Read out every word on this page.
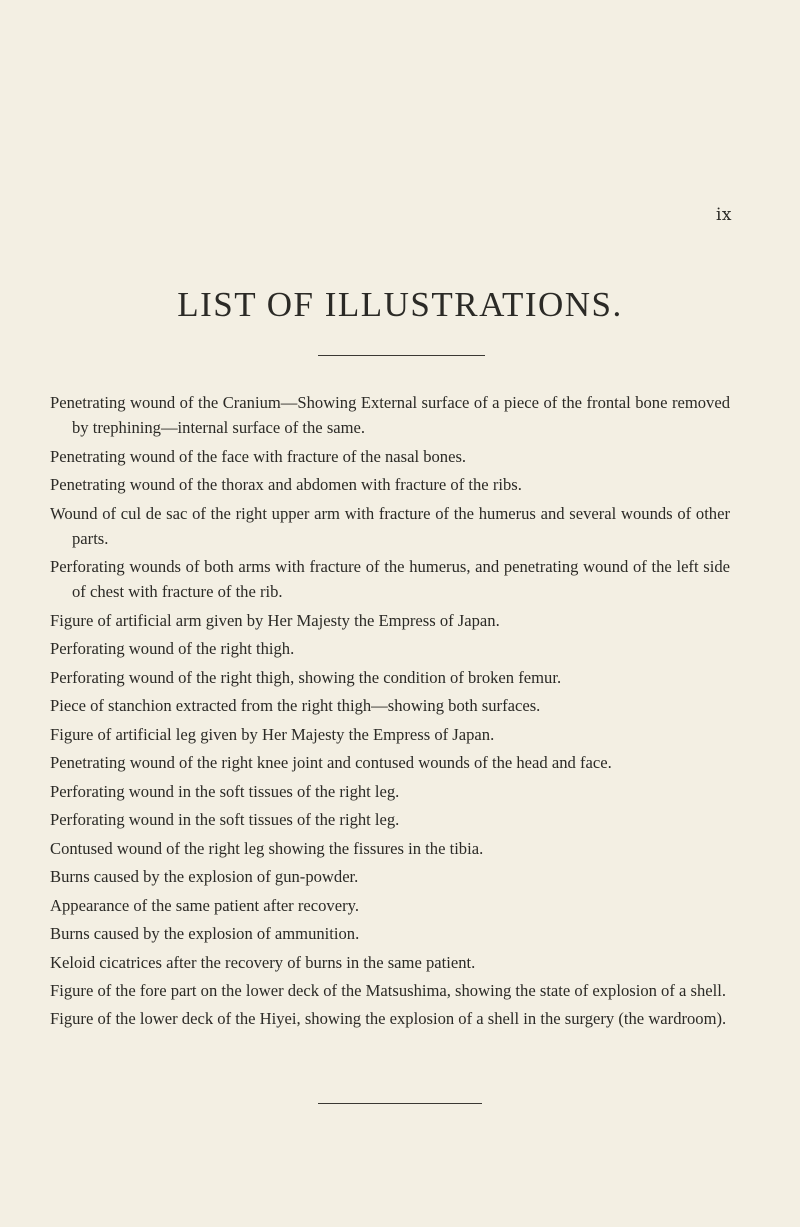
ix
LIST OF ILLUSTRATIONS.
Penetrating wound of the Cranium—Showing External surface of a piece of the frontal bone removed by trephining—internal surface of the same.
Penetrating wound of the face with fracture of the nasal bones.
Penetrating wound of the thorax and abdomen with fracture of the ribs.
Wound of cul de sac of the right upper arm with fracture of the humerus and several wounds of other parts.
Perforating wounds of both arms with fracture of the humerus, and penetrating wound of the left side of chest with fracture of the rib.
Figure of artificial arm given by Her Majesty the Empress of Japan.
Perforating wound of the right thigh.
Perforating wound of the right thigh, showing the condition of broken femur.
Piece of stanchion extracted from the right thigh—showing both surfaces.
Figure of artificial leg given by Her Majesty the Empress of Japan.
Penetrating wound of the right knee joint and contused wounds of the head and face.
Perforating wound in the soft tissues of the right leg.
Perforating wound in the soft tissues of the right leg.
Contused wound of the right leg showing the fissures in the tibia.
Burns caused by the explosion of gun-powder.
Appearance of the same patient after recovery.
Burns caused by the explosion of ammunition.
Keloid cicatrices after the recovery of burns in the same patient.
Figure of the fore part on the lower deck of the Matsushima, showing the state of explosion of a shell.
Figure of the lower deck of the Hiyei, showing the explosion of a shell in the surgery (the wardroom).
